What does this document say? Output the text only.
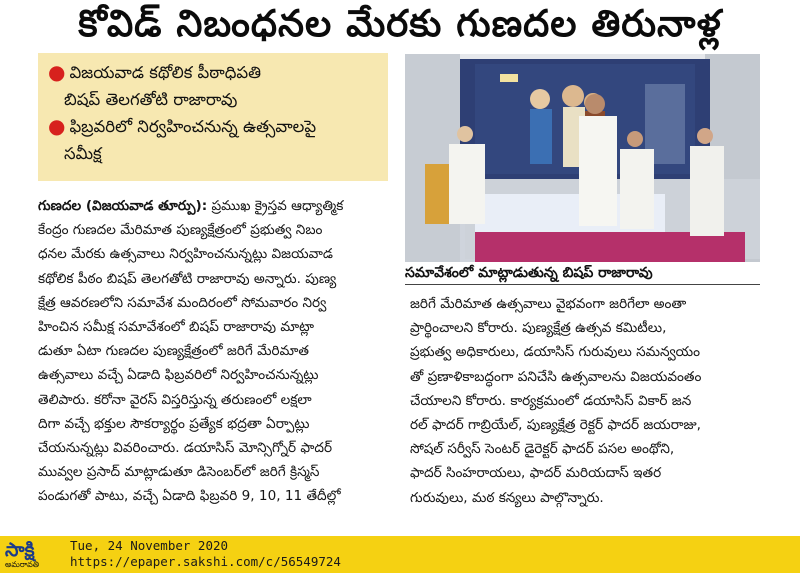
కోవిడ్ నిబంధనల మేరకు గుణదల తిరునాళ్ల
● విజయవాడ కథోలిక పీఠాధిపతి
బిషప్ తెలగతోటి రాజారావు
● ఫిబ్రవరిలో నిర్వహించనున్న ఉత్సవాలపై
సమీక్ష
సమావేశంలో మాట్లాడుతున్న బిషప్ రాజారావు

గుణదల (విజయవాడ తూర్పు): ప్రముఖ క్రైస్తవ ఆధ్యాత్మిక

కేంద్రం గుణదల మేరిమాత పుణ్యక్షేత్రంలో ప్రభుత్వ నిబం

ధనల మేరకు ఉత్సవాలు నిర్వహించనున్నట్లు విజయవాడ

కథోలిక పీఠం బిషప్ తెలగతోటి రాజారావు అన్నారు. పుణ్య

క్షేత్ర ఆవరణలోని సమావేశ మందిరంలో సోమవారం నిర్వ

హించిన సమీక్ష సమావేశంలో బిషప్ రాజారావు మాట్లా

డుతూ ఏటా గుణదల పుణ్యక్షేత్రంలో జరిగే మేరిమాత

ఉత్సవాలు వచ్చే ఏడాది ఫిబ్రవరిలో నిర్వహించనున్నట్లు

తెలిపారు. కరోనా వైరస్ విస్తరిస్తున్న తరుణంలో లక్షలా

దిగా వచ్చే భక్తుల సౌకర్యార్థం ప్రత్యేక భద్రతా ఏర్పాట్లు

చేయనున్నట్లు వివరించారు. డయాసిస్ మోన్సిగ్నోర్ ఫాదర్

మువ్వల ప్రసాద్ మాట్లాడుతూ డిసెంబర్‌లో జరిగే క్రిస్మస్

పండుగతో పాటు, వచ్చే ఏడాది ఫిబ్రవరి 9, 10, 11 తేదీల్లో

జరిగే మేరిమాత ఉత్సవాలు వైభవంగా జరిగేలా అంతా

ప్రార్థించాలని కోరారు. పుణ్యక్షేత్ర ఉత్సవ కమిటీలు,

ప్రభుత్వ అధికారులు, డయాసిస్ గురువులు సమన్వయం

తో ప్రణాళికాబద్ధంగా పనిచేసి ఉత్సవాలను విజయవంతం

చేయాలని కోరారు. కార్యక్రమంలో డయాసిస్ వికార్ జన

రల్ ఫాదర్ గాబ్రియేల్, పుణ్యక్షేత్ర రెక్టర్ ఫాదర్ జయరాజు,

సోషల్ సర్వీస్ సెంటర్ డైరెక్టర్ ఫాదర్ పసల అంథోని,

ఫాదర్ సింహరాయలు, ఫాదర్ మరియదాస్ ఇతర

గురువులు, మఠ కన్యలు పాల్గొన్నారు.

సాక్షి
అమరావతి
Tue, 24 November 2020
https://epaper.sakshi.com/c/56549724
